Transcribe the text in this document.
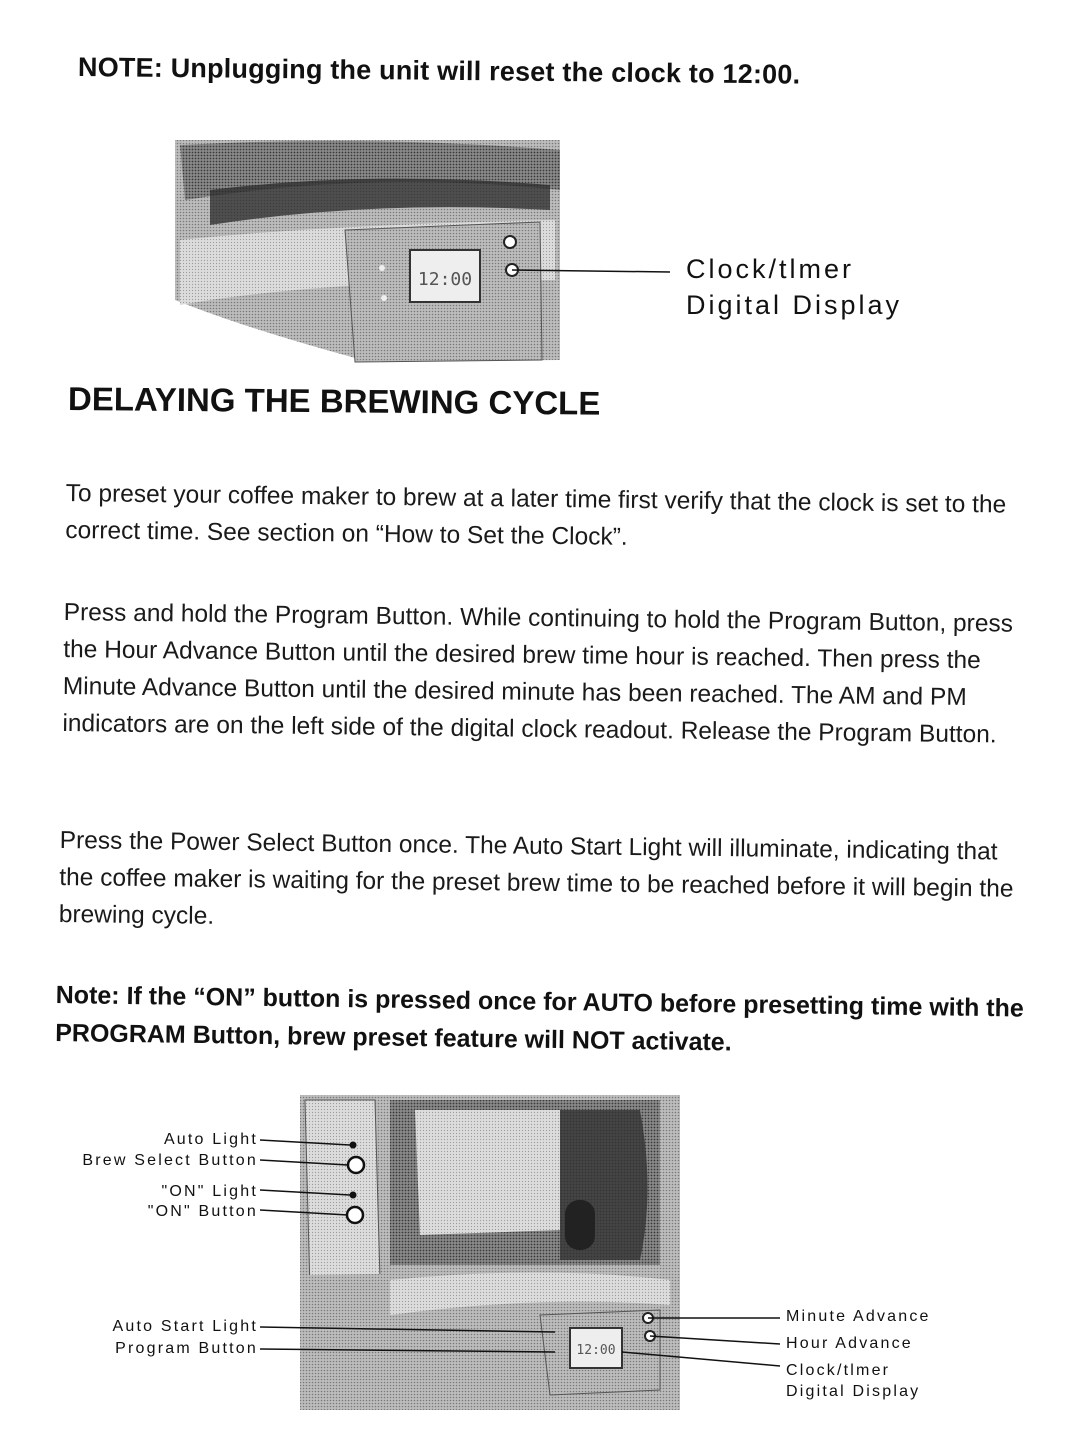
NOTE: Unplugging the unit will reset the clock to 12:00.
12:00	Clock/tlmer
Digital Display
DELAYING THE BREWING CYCLE
To preset your coffee maker to brew at a later time first verify that the clock is set to the correct time. See section on “How to Set the Clock”.
Press and hold the Program Button. While continuing to hold the Program Button, press the Hour Advance Button until the desired brew time hour is reached. Then press the Minute Advance Button until the desired minute has been reached. The AM and PM indicators are on the left side of the digital clock readout. Release the Program Button.
Press the Power Select Button once. The Auto Start Light will illuminate, indicating that the coffee maker is waiting for the preset brew time to be reached before it will begin the brewing cycle.
Note: If the “ON” button is pressed once for AUTO before presetting time with the PROGRAM Button, brew preset feature will NOT activate.
12:00
Auto Light
Brew Select Button
"ON" Light
"ON" Button
Auto Start Light
Program Button
Minute Advance
Hour Advance
Clock/tlmer
Digital Display
